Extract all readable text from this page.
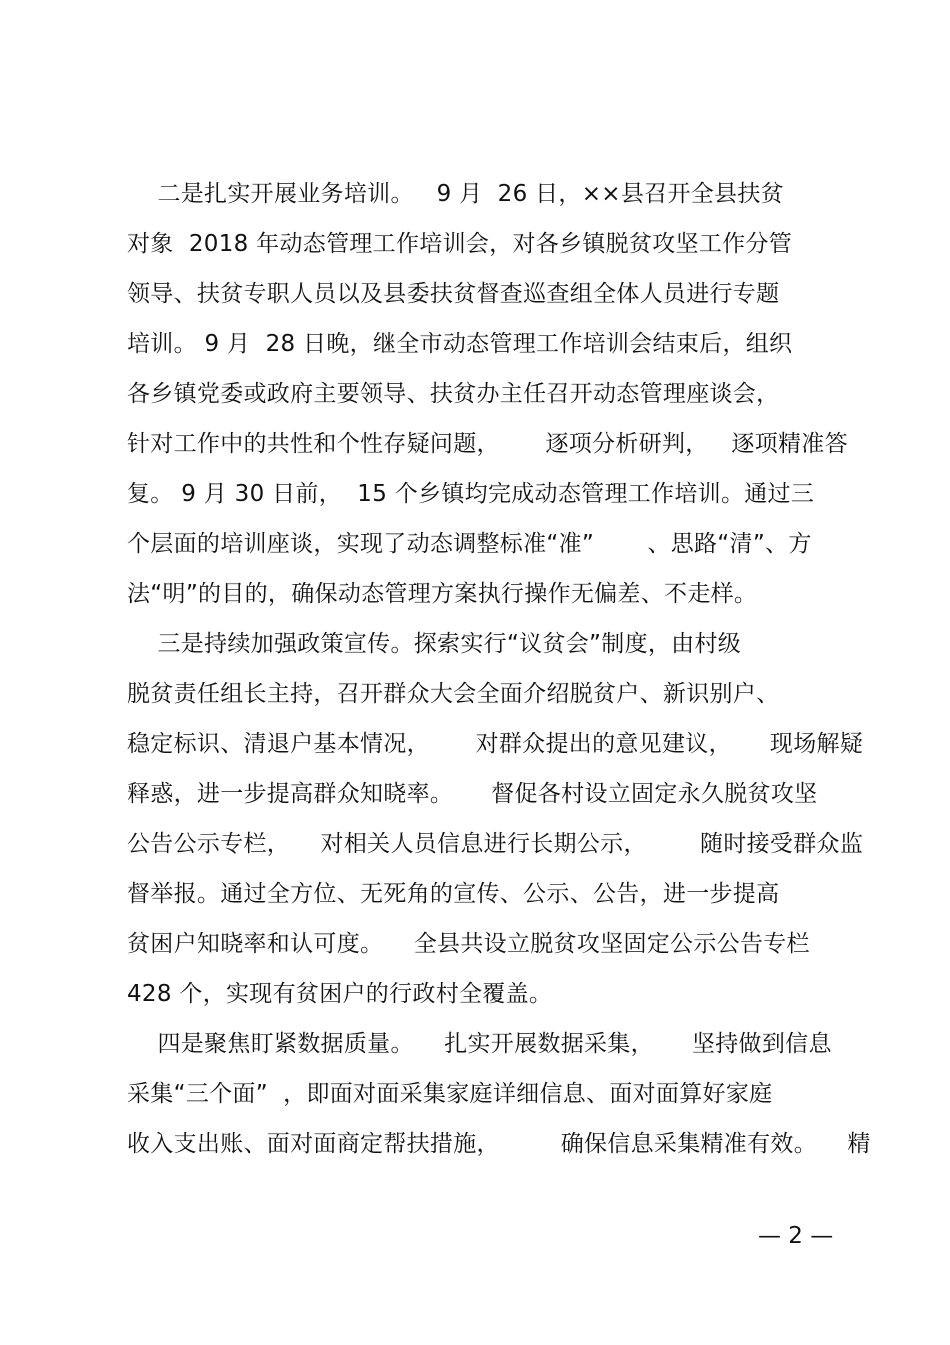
二是扎实开展业务培训。   9 月  26 日，××县召开全县扶贫
对象  2018 年动态管理工作培训会，对各乡镇脱贫攻坚工作分管
领导、扶贫专职人员以及县委扶贫督查巡查组全体人员进行专题
培训。 9 月  28 日晚，继全市动态管理工作培训会结束后，组织
各乡镇党委或政府主要领导、扶贫办主任召开动态管理座谈会，
针对工作中的共性和个性存疑问题，      逐项分析研判，   逐项精准答
复。 9 月 30 日前，  15 个乡镇均完成动态管理工作培训。通过三
个层面的培训座谈，实现了动态调整标准“准”       、思路“清”、方
法“明”的目的，确保动态管理方案执行操作无偏差、不走样。
三是持续加强政策宣传。探索实行“议贫会”制度，由村级
脱贫责任组长主持，召开群众大会全面介绍脱贫户、新识别户、
稳定标识、清退户基本情况，      对群众提出的意见建议，     现场解疑
释惑，进一步提高群众知晓率。     督促各村设立固定永久脱贫攻坚
公告公示专栏，    对相关人员信息进行长期公示，       随时接受群众监
督举报。通过全方位、无死角的宣传、公示、公告，进一步提高
贫困户知晓率和认可度。    全县共设立脱贫攻坚固定公示公告专栏
428 个，实现有贫困户的行政村全覆盖。
四是聚焦盯紧数据质量。    扎实开展数据采集，     坚持做到信息
采集“三个面”  ，即面对面采集家庭详细信息、面对面算好家庭
收入支出账、面对面商定帮扶措施，        确保信息采集精准有效。    精
— 2 —
